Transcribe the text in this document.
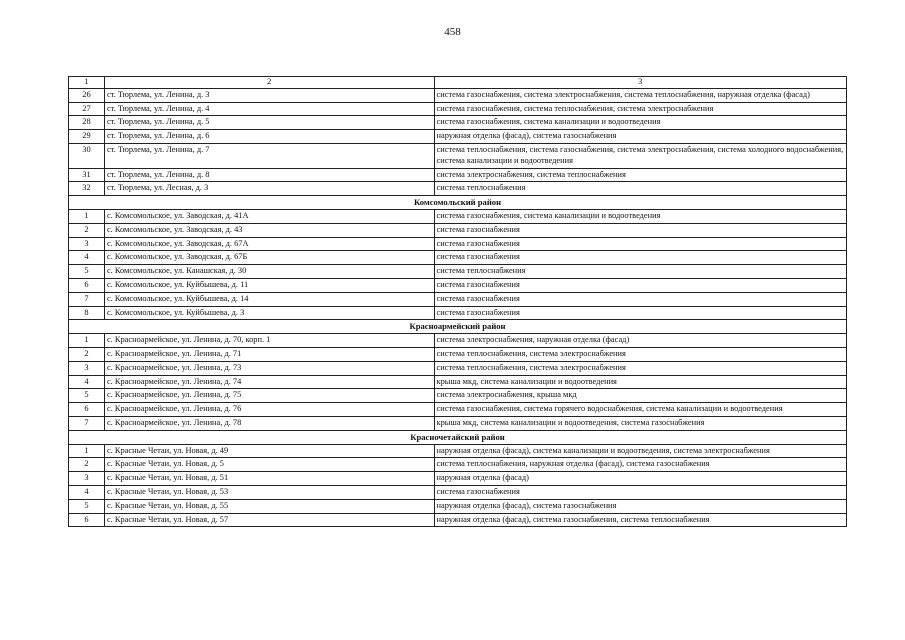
458
1	2	3
26	ст. Тюрлема, ул. Ленина, д. 3	система газоснабжения, система электроснабжения, система теплоснабжения, наружная отделка (фасад)
27	ст. Тюрлема, ул. Ленина, д. 4	система газоснабжения, система теплоснабжения, система электроснабжения
28	ст. Тюрлема, ул. Ленина, д. 5	система газоснабжения, система канализации и водоотведения
29	ст. Тюрлема, ул. Ленина, д. 6	наружная отделка (фасад), система газоснабжения
30	ст. Тюрлема, ул. Ленина, д. 7	система теплоснабжения, система газоснабжения, система электроснабжения, система холодного водоснабжения, система канализации и водоотведения
31	ст. Тюрлема, ул. Ленина, д. 8	система электроснабжения, система теплоснабжения
32	ст. Тюрлема, ул. Лесная, д. 3	система теплоснабжения
Комсомольский район		
1	с. Комсомольское, ул. Заводская, д. 41А	система газоснабжения, система канализации и водоотведения
2	с. Комсомольское, ул. Заводская, д. 43	система газоснабжения
3	с. Комсомольское, ул. Заводская, д. 67А	система газоснабжения
4	с. Комсомольское, ул. Заводская, д. 67Б	система газоснабжения
5	с. Комсомольское, ул. Канашская, д. 30	система теплоснабжения
6	с. Комсомольское, ул. Куйбышева, д. 11	система газоснабжения
7	с. Комсомольское, ул. Куйбышева, д. 14	система газоснабжения
8	с. Комсомольское, ул. Куйбышева, д. 3	система газоснабжения
Красноармейский район		
1	с. Красноармейское, ул. Ленина, д. 70, корп. 1	система электроснабжения, наружная отделка (фасад)
2	с. Красноармейское, ул. Ленина, д. 71	система теплоснабжения, система электроснабжения
3	с. Красноармейское, ул. Ленина, д. 73	система теплоснабжения, система электроснабжения
4	с. Красноармейское, ул. Ленина, д. 74	крыша мкд, система канализации и водоотведения
5	с. Красноармейское, ул. Ленина, д. 75	система электроснабжения, крыша мкд
6	с. Красноармейское, ул. Ленина, д. 76	система газоснабжения, система горячего водоснабжения, система канализации и водоотведения
7	с. Красноармейское, ул. Ленина, д. 78	крыша мкд, система канализации и водоотведения, система газоснабжения
Красночетайский район		
1	с. Красные Четаи, ул. Новая, д. 49	наружная отделка (фасад), система канализации и водоотведения, система электроснабжения
2	с. Красные Четаи, ул. Новая, д. 5	система теплоснабжения, наружная отделка (фасад), система газоснабжения
3	с. Красные Четаи, ул. Новая, д. 51	наружная отделка (фасад)
4	с. Красные Четаи, ул. Новая, д. 53	система газоснабжения
5	с. Красные Четаи, ул. Новая, д. 55	наружная отделка (фасад), система газоснабжения
6	с. Красные Четаи, ул. Новая, д. 57	наружная отделка (фасад), система газоснабжения, система теплоснабжения
